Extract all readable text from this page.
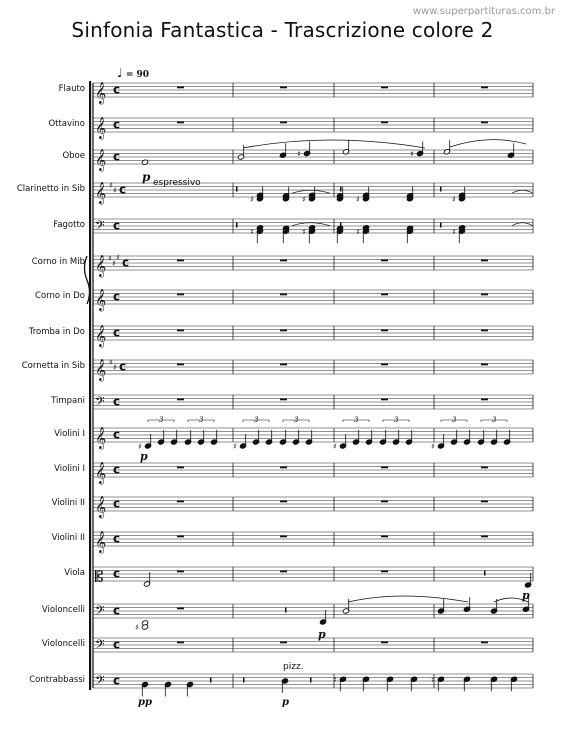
www.superpartituras.com.br
Sinfonia Fantastica - Trascrizione colore 2
♩ = 90
Flauto
Ottavino
Oboe
Clarinetto in Sib
Fagotto
Corno in Mib
Corno in Do
Tromba in Do
Cornetta in Sib
Timpani
Violini I
Violini I
Violini II
Violini II
Viola
Violoncelli
Violoncelli
Contrabbassi
𝄞 c
𝄞 c
𝄞 c
𝄞 ♯
♯ c
𝄢 c
𝄞 ♯
♯
♯ c
𝄞 c
𝄞 c
𝄞 ♯
♯ c
𝄢 c
𝄞 c
𝄞 c
𝄞 c
𝄞 c
𝄡 c
𝄢 c
𝄢 c
𝄢 c
p espressivo
♯	♯
♯	♯	♯	♯
♯	♯	♯	♯
♯	♯	♯	♯
3	3	3	3	3	3	3	3
p
p
♯
p
pizz.
pp	p
♯	♯
